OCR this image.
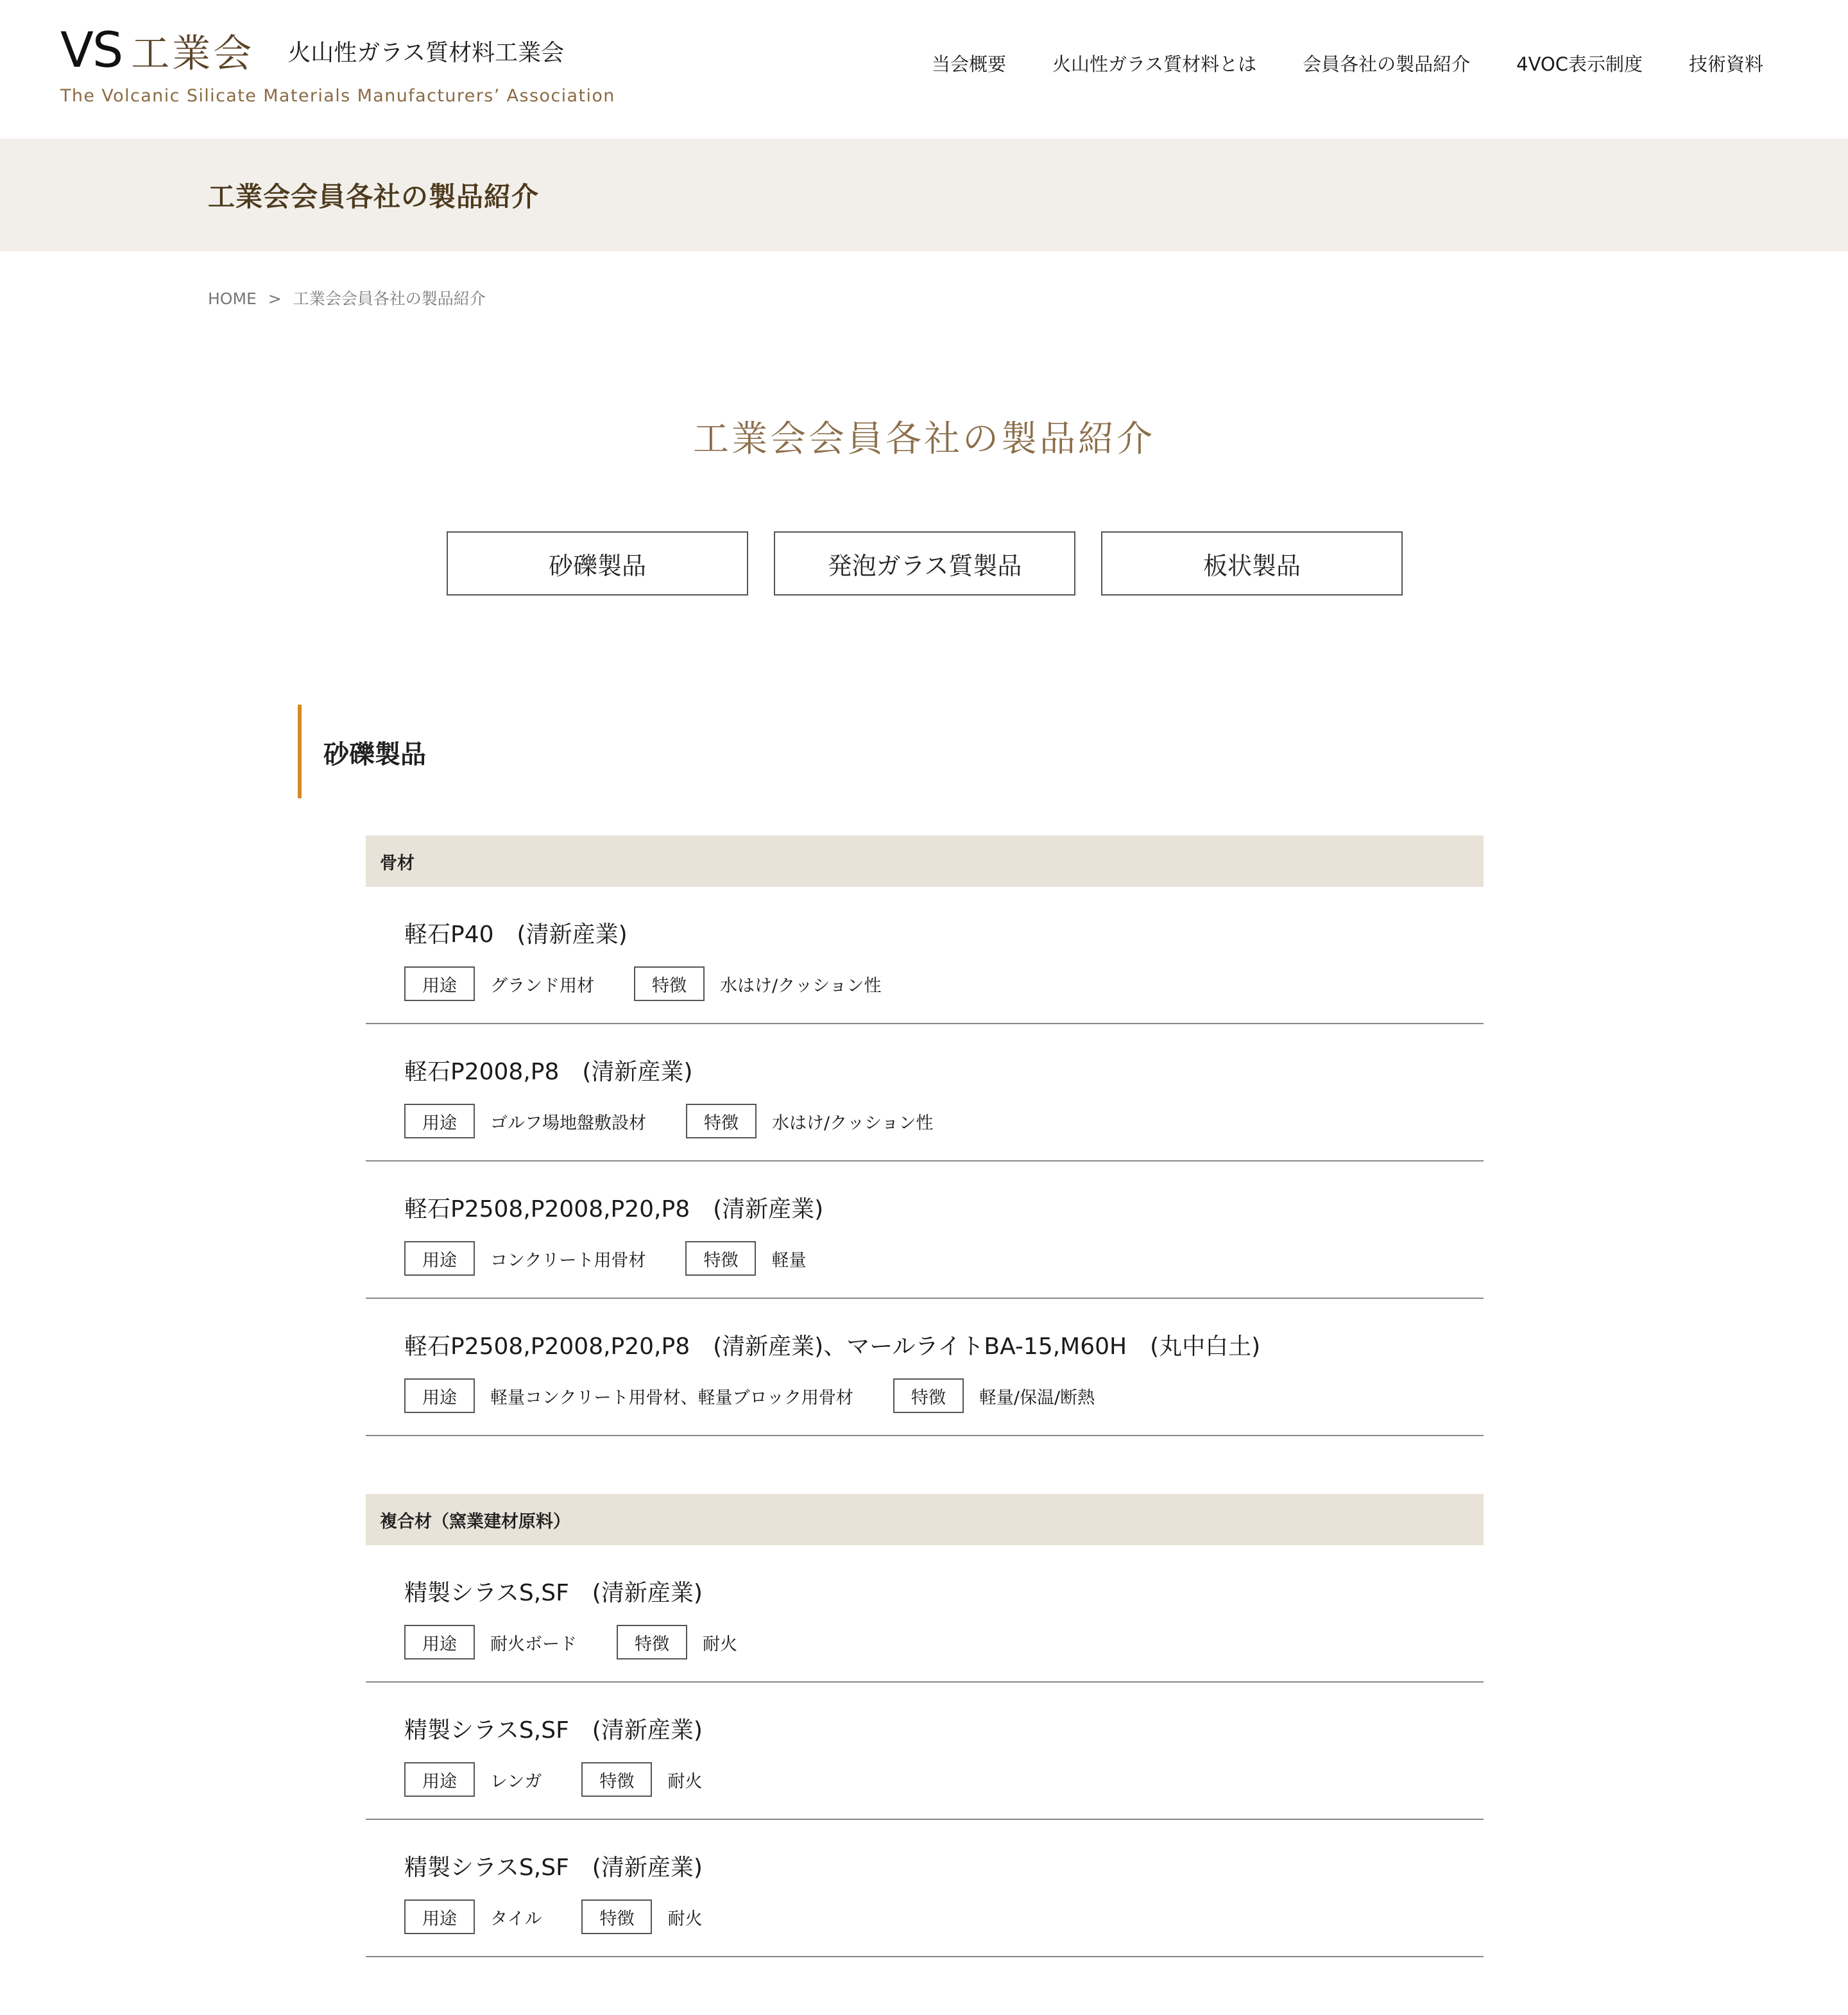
VS 工業会 火山性ガラス質材料工業会
The Volcanic Silicate Materials Manufacturers’ Association
当会概要 火山性ガラス質材料とは 会員各社の製品紹介 4VOC表示制度 技術資料
工業会会員各社の製品紹介
HOME > 工業会会員各社の製品紹介
工業会会員各社の製品紹介
砂礫製品	発泡ガラス質製品	板状製品
砂礫製品
骨材
軽石P40　(清新産業)
用途	グランド用材	特徴	水はけ/クッション性
軽石P2008,P8　(清新産業)
用途	ゴルフ場地盤敷設材	特徴	水はけ/クッション性
軽石P2508,P2008,P20,P8　(清新産業)
用途	コンクリート用骨材	特徴	軽量
軽石P2508,P2008,P20,P8　(清新産業)、マールライトBA-15,M60H　(丸中白土)
用途	軽量コンクリート用骨材、軽量ブロック用骨材	特徴	軽量/保温/断熱
複合材（窯業建材原料）
精製シラスS,SF　(清新産業)
用途	耐火ボード	特徴	耐火
精製シラスS,SF　(清新産業)
用途	レンガ	特徴	耐火
精製シラスS,SF　(清新産業)
用途	タイル	特徴	耐火
